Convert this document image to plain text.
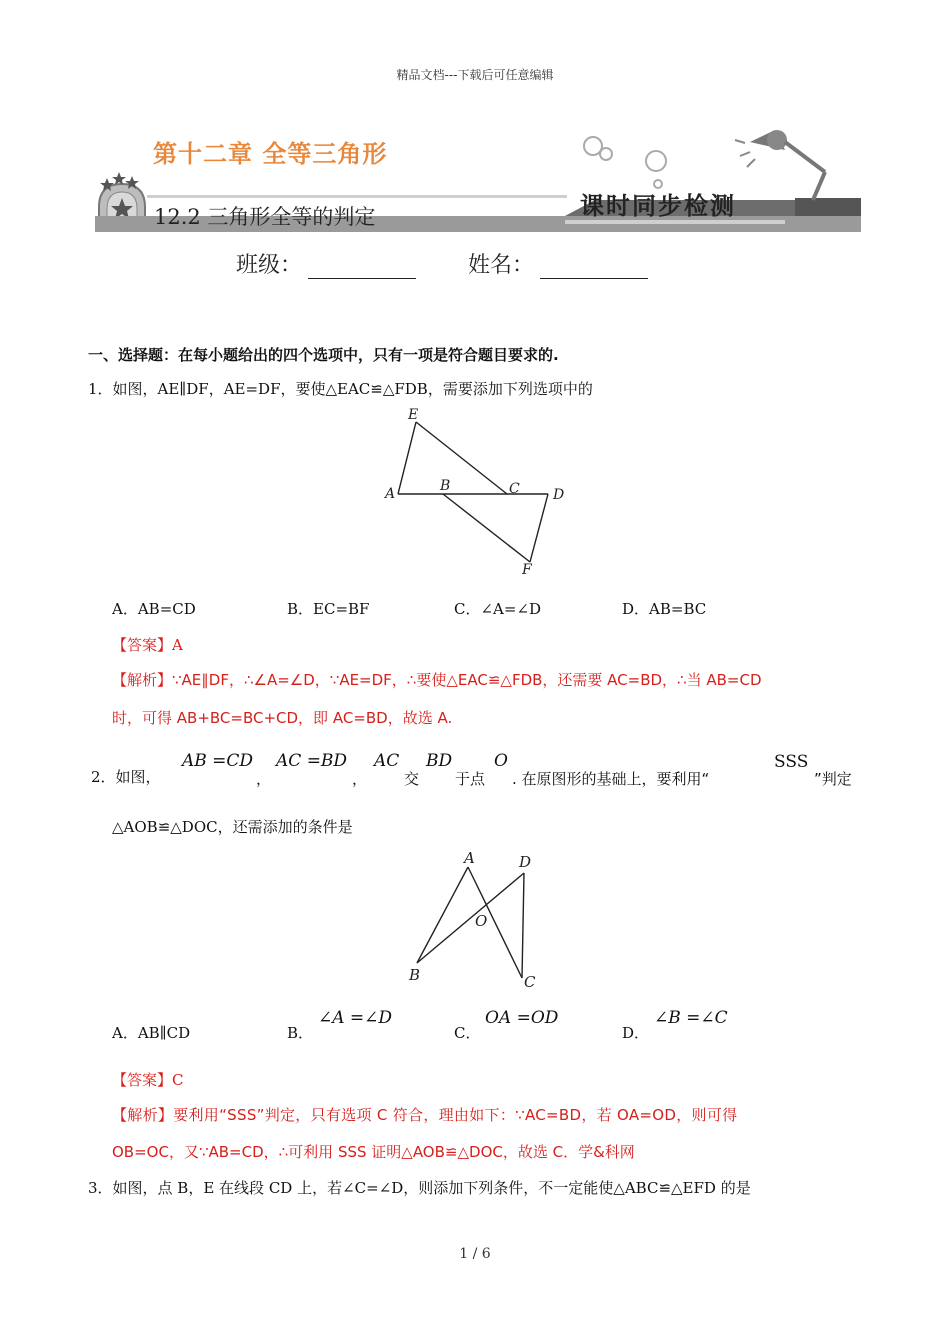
精品文档---下载后可任意编辑
第十二章 全等三角形
12.2 三角形全等的判定	课时同步检测
班级：	姓名：
一、选择题：在每小题给出的四个选项中，只有一项是符合题目要求的.
1．如图，AE∥DF，AE=DF，要使△EAC≌△FDB，需要添加下列选项中的
E
A	B	C D
F
A．AB=CD	B．EC=BF	C．∠A=∠D	D．AB=BC
【答案】A
【解析】∵AE∥DF，∴∠A=∠D，∵AE=DF，∴要使△EAC≌△FDB，还需要 AC=BD，∴当 AB=CD
时，可得 AB+BC=BC+CD，即 AC=BD，故选 A.
2．如图，
AB =CD
，
AC =BD
，
AC
交
BD
于点
O
. 在原图形的基础上，要利用“
SSS
”判定
△AOB≌△DOC，还需添加的条件是
A	D
O
B	C
A．AB∥CD	B．
∠A =∠D
C．
OA =OD
D．
∠B =∠C
【答案】C
【解析】要利用“SSS”判定，只有选项 C 符合，理由如下：∵AC=BD，若 OA=OD，则可得
OB=OC，又∵AB=CD，∴可利用 SSS 证明△AOB≌△DOC，故选 C．学&科网
3．如图，点 B，E 在线段 CD 上，若∠C=∠D，则添加下列条件，不一定能使△ABC≌△EFD 的是
1 / 6
